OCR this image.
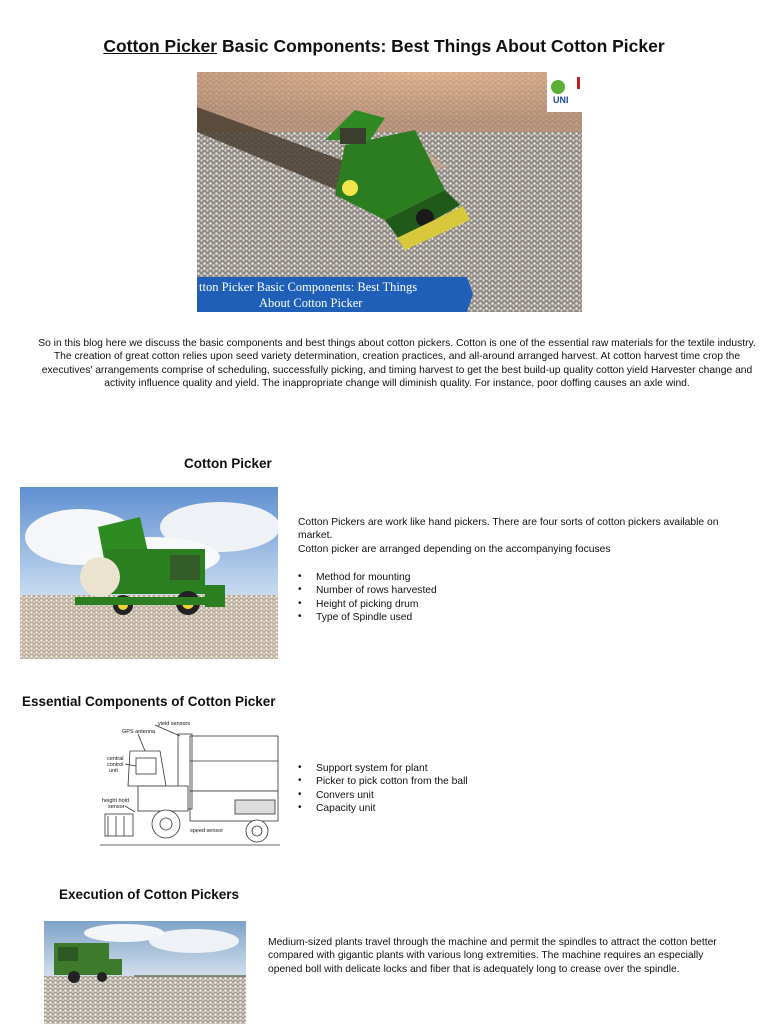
Cotton Picker Basic Components: Best Things About Cotton Picker
UNI
tton Picker Basic Components: Best Things
About Cotton Picker

So in this blog here we discuss the basic components and best things about cotton pickers. Cotton is one of the essential raw materials for the textile industry. The creation of great cotton relies upon seed variety determination, creation practices, and all-around arranged harvest. At cotton harvest time crop the executives' arrangements comprise of scheduling, successfully picking, and timing harvest to get the best build-up quality cotton yield Harvester change and activity influence quality and yield. The inappropriate change will diminish quality. For instance, poor doffing causes an axle wind.

Cotton Picker

Cotton Pickers are work like hand pickers. There are four sorts of cotton pickers available on market.

Cotton picker are arranged depending on the accompanying focuses

• Method for mounting
• Number of rows harvested
• Height of picking drum
• Type of Spindle used
Essential Components of Cotton Picker
yield sensors
GPS antenna
central
control
unit
height hold
sensor
speed sensor
• Support system for plant
• Picker to pick cotton from the ball
• Convers unit
• Capacity unit
Execution of Cotton Pickers

Medium-sized plants travel through the machine and permit the spindles to attract the cotton better compared with gigantic plants with various long extremities. The machine requires an especially opened boll with delicate locks and fiber that is adequately long to crease over the spindle.
